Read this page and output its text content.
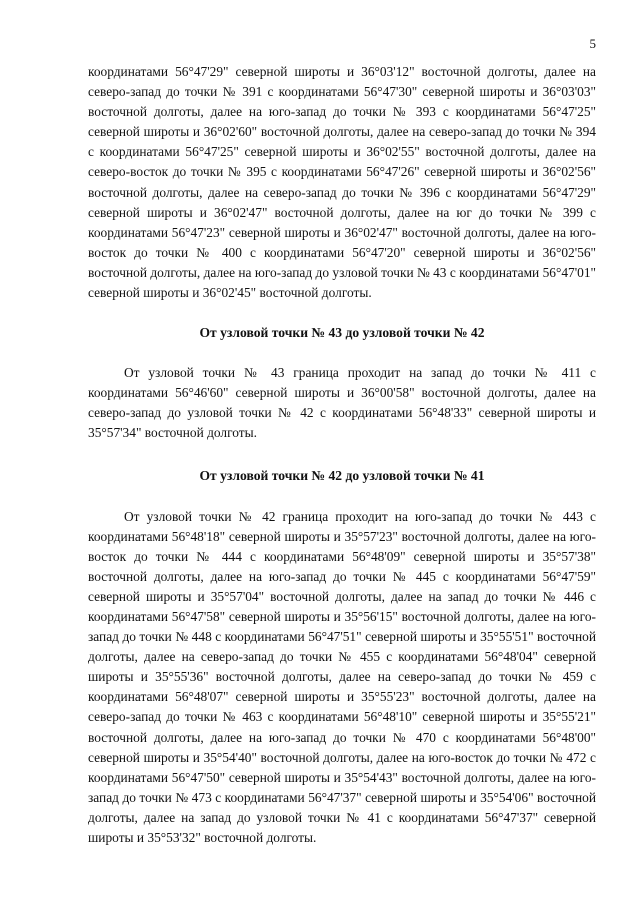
5

координатами 56°47'29" северной широты и 36°03'12" восточной долготы, далее на северо-запад до точки № 391 с координатами 56°47'30" северной широты и 36°03'03" восточной долготы, далее на юго-запад до точки № 393 с координатами 56°47'25" северной широты и 36°02'60" восточной долготы, далее на северо-запад до точки № 394 с координатами 56°47'25" северной широты и 36°02'55" восточной долготы, далее на северо-восток до точки № 395 с координатами 56°47'26" северной широты и 36°02'56" восточной долготы, далее на северо-запад до точки № 396 с координатами 56°47'29" северной широты и 36°02'47" восточной долготы, далее на юг до точки № 399 с координатами 56°47'23" северной широты и 36°02'47" восточной долготы, далее на юго-восток до точки № 400 с координатами 56°47'20" северной широты и 36°02'56" восточной долготы, далее на юго-запад до узловой точки № 43 с координатами 56°47'01" северной широты и 36°02'45" восточной долготы.

От узловой точки № 43 до узловой точки № 42

От узловой точки № 43 граница проходит на запад до точки № 411 с координатами 56°46'60" северной широты и 36°00'58" восточной долготы, далее на северо-запад до узловой точки № 42 с координатами 56°48'33" северной широты и 35°57'34" восточной долготы.

От узловой точки № 42 до узловой точки № 41

От узловой точки № 42 граница проходит на юго-запад до точки № 443 с координатами 56°48'18" северной широты и 35°57'23" восточной долготы, далее на юго-восток до точки № 444 с координатами 56°48'09" северной широты и 35°57'38" восточной долготы, далее на юго-запад до точки № 445 с координатами 56°47'59" северной широты и 35°57'04" восточной долготы, далее на запад до точки № 446 с координатами 56°47'58" северной широты и 35°56'15" восточной долготы, далее на юго-запад до точки № 448 с координатами 56°47'51" северной широты и 35°55'51" восточной долготы, далее на северо-запад до точки № 455 с координатами 56°48'04" северной широты и 35°55'36" восточной долготы, далее на северо-запад до точки № 459 с координатами 56°48'07" северной широты и 35°55'23" восточной долготы, далее на северо-запад до точки № 463 с координатами 56°48'10" северной широты и 35°55'21" восточной долготы, далее на юго-запад до точки № 470 с координатами 56°48'00" северной широты и 35°54'40" восточной долготы, далее на юго-восток до точки № 472 с координатами 56°47'50" северной широты и 35°54'43" восточной долготы, далее на юго-запад до точки № 473 с координатами 56°47'37" северной широты и 35°54'06" восточной долготы, далее на запад до узловой точки № 41 с координатами 56°47'37" северной широты и 35°53'32" восточной долготы.
